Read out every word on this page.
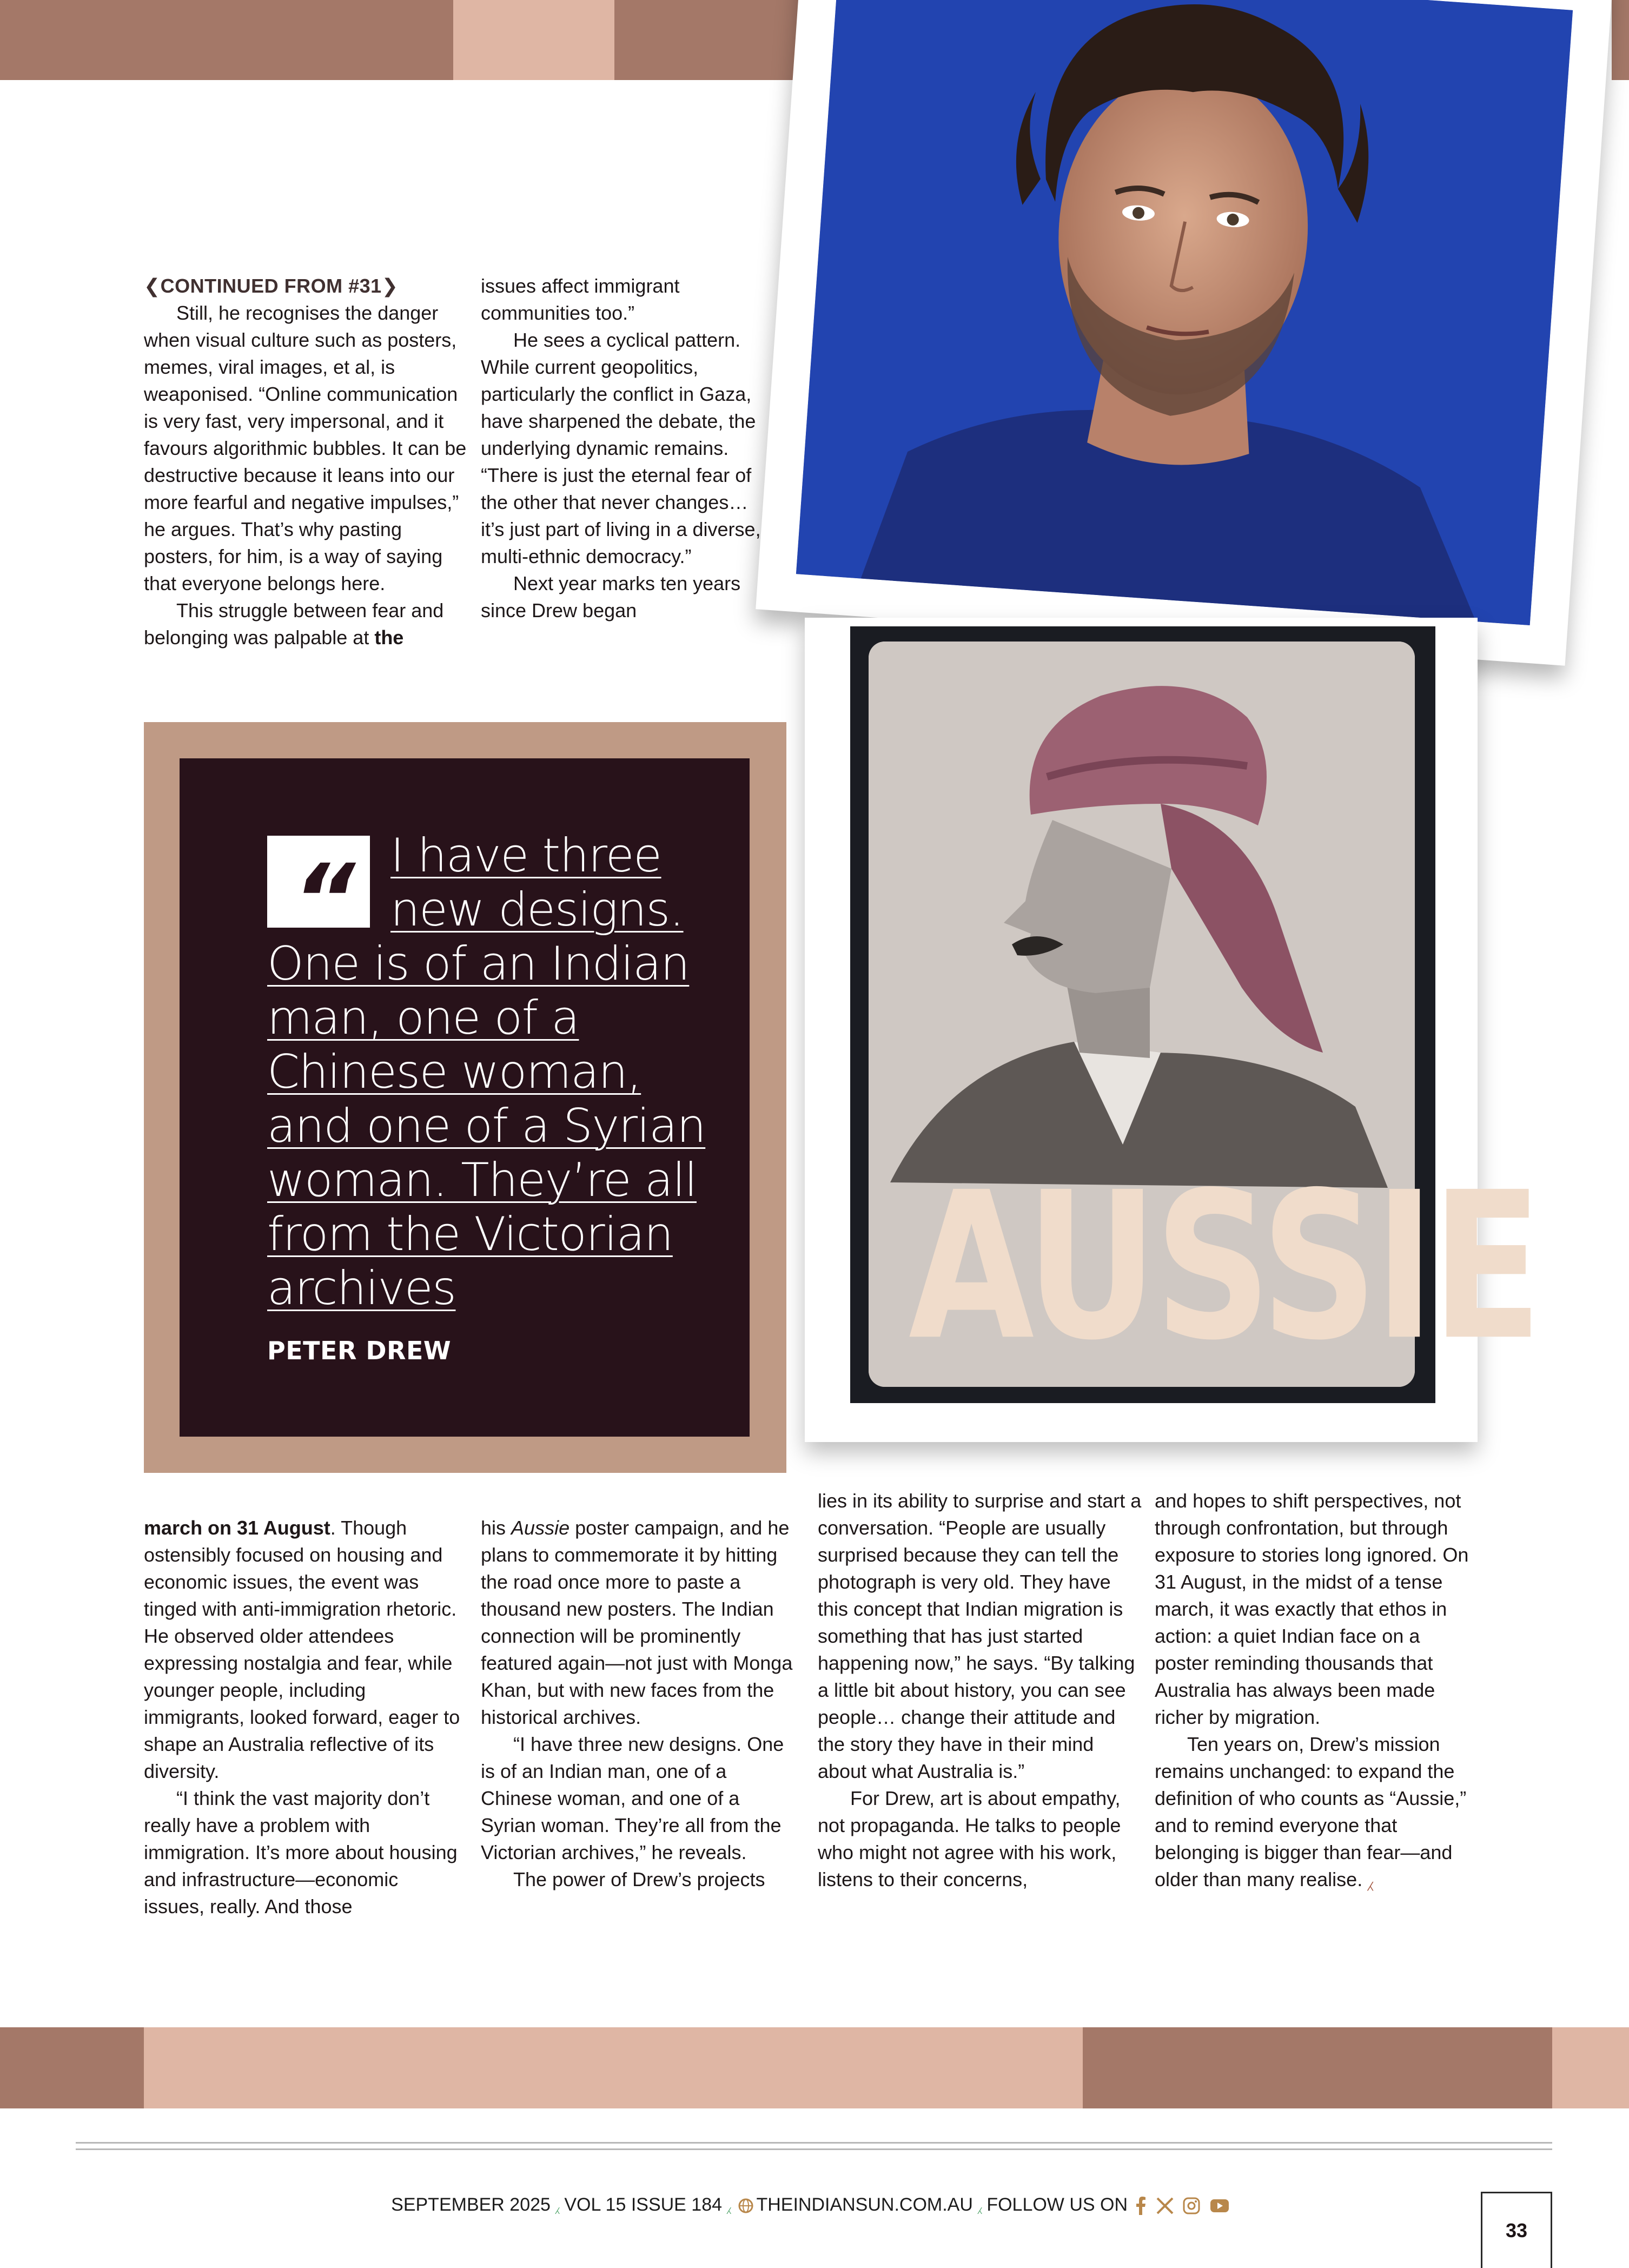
AUSSIE

❮CONTINUED FROM #31❯

Still, he recognises the danger when visual culture such as posters, memes, viral images, et al, is weaponised. “Online communication is very fast, very impersonal, and it favours algorithmic bubbles. It can be destructive because it leans into our more fearful and negative impulses,” he argues. That’s why pasting posters, for him, is a way of saying that everyone belongs here.

This struggle between fear and belonging was palpable at the

issues affect immigrant communities too.”

He sees a cyclical pattern. While current geopolitics, particularly the conflict in Gaza, have sharpened the debate, the underlying dynamic remains. “There is just the eternal fear of the other that never changes… it’s just part of living in a diverse, multi-ethnic democracy.”

Next year marks ten years since Drew began

“ I have three new designs.
One is of an Indian man, one of a Chinese woman, and one of a Syrian woman. They’re all from the Victorian archives
PETER DREW

march on 31 August. Though ostensibly focused on housing and economic issues, the event was tinged with anti-immigration rhetoric. He observed older attendees expressing nostalgia and fear, while younger people, including immigrants, looked forward, eager to shape an Australia reflective of its diversity.

“I think the vast majority don’t really have a problem with immigration. It’s more about housing and infrastructure—economic issues, really. And those

his Aussie poster campaign, and he plans to commemorate it by hitting the road once more to paste a thousand new posters. The Indian connection will be prominently featured again—not just with Monga Khan, but with new faces from the historical archives.

“I have three new designs. One is of an Indian man, one of a Chinese woman, and one of a Syrian woman. They’re all from the Victorian archives,” he reveals.

The power of Drew’s projects

lies in its ability to surprise and start a conversation. “People are usually surprised because they can tell the photograph is very old. They have this concept that Indian migration is something that has just started happening now,” he says. “By talking a little bit about history, you can see people… change their attitude and the story they have in their mind about what Australia is.”

For Drew, art is about empathy, not propaganda. He talks to people who might not agree with his work, listens to their concerns,

and hopes to shift perspectives, not through confrontation, but through exposure to stories long ignored. On 31 August, in the midst of a tense march, it was exactly that ethos in action: a quiet Indian face on a poster reminding thousands that Australia has always been made richer by migration.

Ten years on, Drew’s mission remains unchanged: to expand the definition of who counts as “Aussie,” and to remind everyone that belonging is bigger than fear—and older than many realise. ⁁

SEPTEMBER 2025 ⁁ VOL 15 ISSUE 184 ⁁ THEINDIANSUN.COM.AU ⁁ FOLLOW US ON
33
